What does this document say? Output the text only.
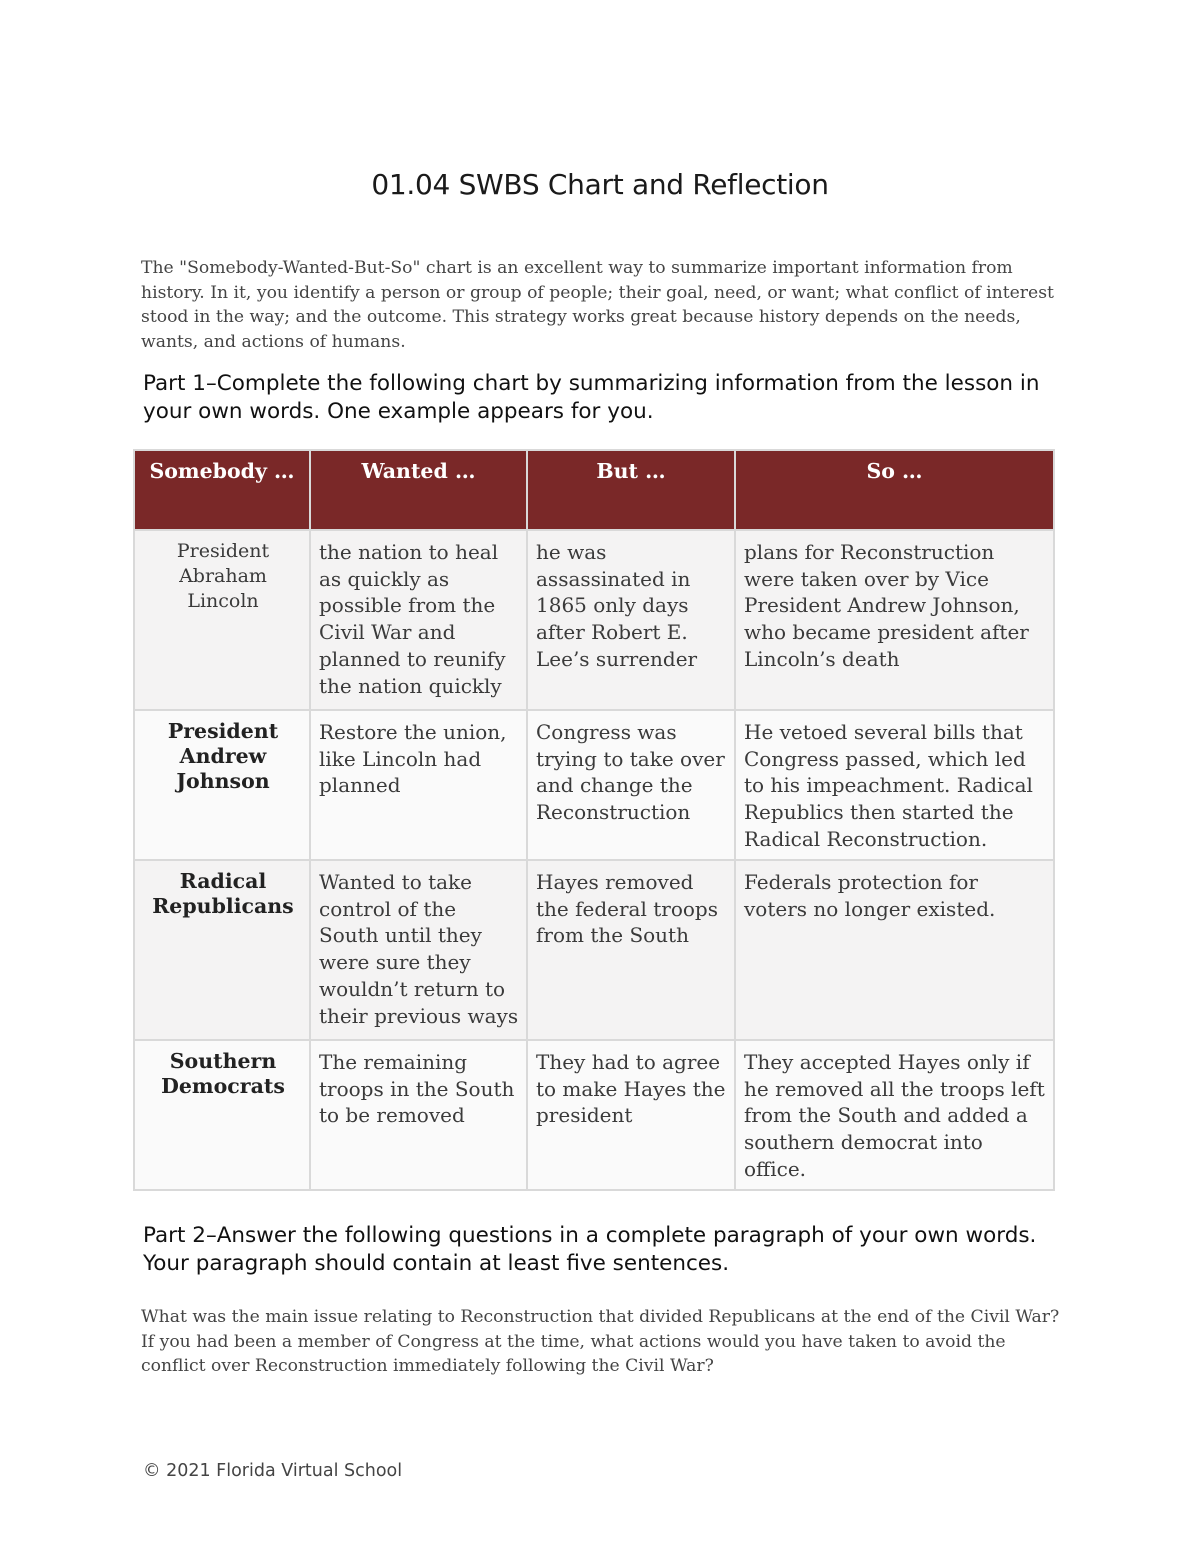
01.04 SWBS Chart and Reflection
The "Somebody-Wanted-But-So" chart is an excellent way to summarize important information from history. In it, you identify a person or group of people; their goal, need, or want; what conflict of interest stood in the way; and the outcome. This strategy works great because history depends on the needs, wants, and actions of humans.
Part 1–Complete the following chart by summarizing information from the lesson in your own words. One example appears for you.
Somebody …	Wanted …	But …	So …
President Abraham Lincoln	the nation to heal as quickly as possible from the Civil War and planned to reunify the nation quickly	he was assassinated in 1865 only days after Robert E. Lee’s surrender	plans for Reconstruction were taken over by Vice President Andrew Johnson, who became president after Lincoln’s death
President Andrew Johnson	Restore the union, like Lincoln had planned	Congress was trying to take over and change the Reconstruction	He vetoed several bills that Congress passed, which led to his impeachment. Radical Republics then started the Radical Reconstruction.
Radical Republicans	Wanted to take control of the South until they were sure they wouldn’t return to their previous ways	Hayes removed the federal troops from the South	Federals protection for voters no longer existed.
Southern Democrats	The remaining troops in the South to be removed	They had to agree to make Hayes the president	They accepted Hayes only if he removed all the troops left from the South and added a southern democrat into office.
Part 2–Answer the following questions in a complete paragraph of your own words. Your paragraph should contain at least five sentences.
What was the main issue relating to Reconstruction that divided Republicans at the end of the Civil War? If you had been a member of Congress at the time, what actions would you have taken to avoid the conflict over Reconstruction immediately following the Civil War?
© 2021 Florida Virtual School
